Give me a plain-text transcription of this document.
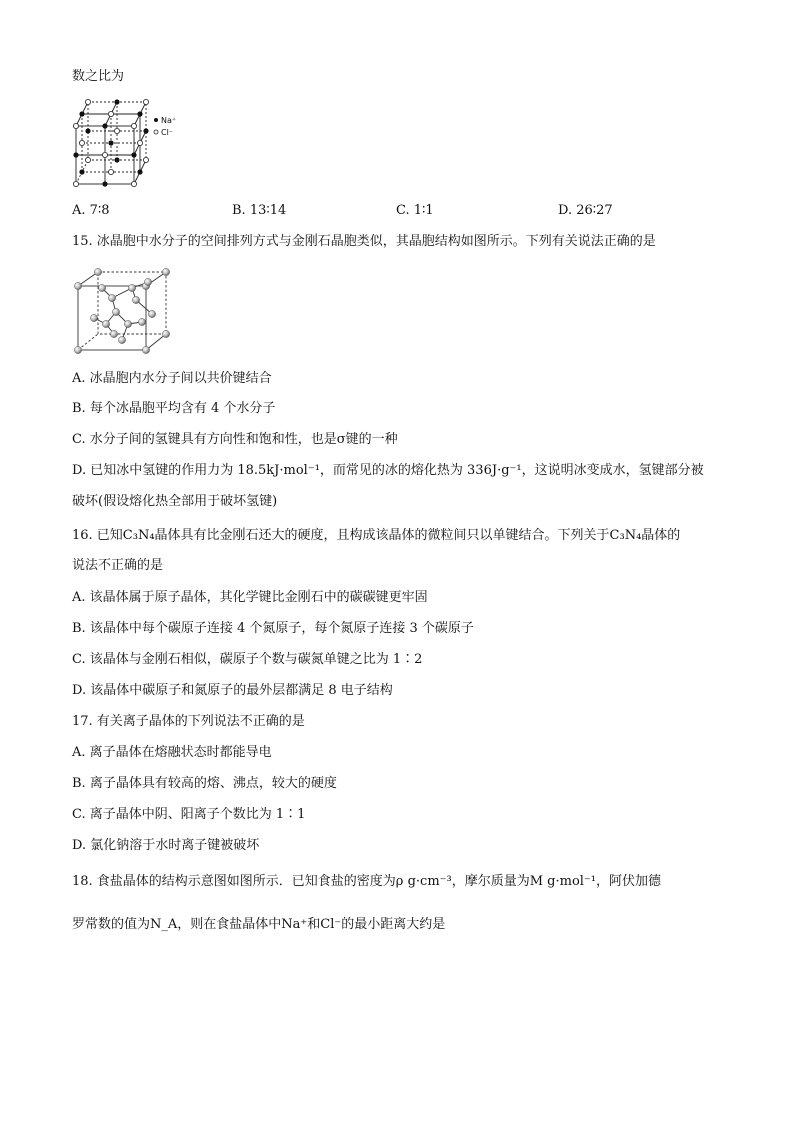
数之比为
Na⁺
Cl⁻
A. 7∶8	B. 13∶14	C. 1∶1	D. 26∶27
15. 冰晶胞中水分子的空间排列方式与金刚石晶胞类似，其晶胞结构如图所示。下列有关说法正确的是
A. 冰晶胞内水分子间以共价键结合
B. 每个冰晶胞平均含有 4 个水分子
C. 水分子间的氢键具有方向性和饱和性，也是σ键的一种
D. 已知冰中氢键的作用力为 18.5kJ·mol⁻¹，而常见的冰的熔化热为 336J·g⁻¹，这说明冰变成水，氢键部分被
破坏(假设熔化热全部用于破坏氢键)
16. 已知C₃N₄晶体具有比金刚石还大的硬度，且构成该晶体的微粒间只以单键结合。下列关于C₃N₄晶体的
说法不正确的是
A. 该晶体属于原子晶体，其化学键比金刚石中的碳碳键更牢固
B. 该晶体中每个碳原子连接 4 个氮原子，每个氮原子连接 3 个碳原子
C. 该晶体与金刚石相似，碳原子个数与碳氮单键之比为 1∶2
D. 该晶体中碳原子和氮原子的最外层都满足 8 电子结构
17. 有关离子晶体的下列说法不正确的是
A. 离子晶体在熔融状态时都能导电
B. 离子晶体具有较高的熔、沸点，较大的硬度
C. 离子晶体中阴、阳离子个数比为 1∶1
D. 氯化钠溶于水时离子键被破坏
18. 食盐晶体的结构示意图如图所示．已知食盐的密度为ρ g·cm⁻³，摩尔质量为M g·mol⁻¹，阿伏加德
罗常数的值为N_A，则在食盐晶体中Na⁺和Cl⁻的最小距离大约是
